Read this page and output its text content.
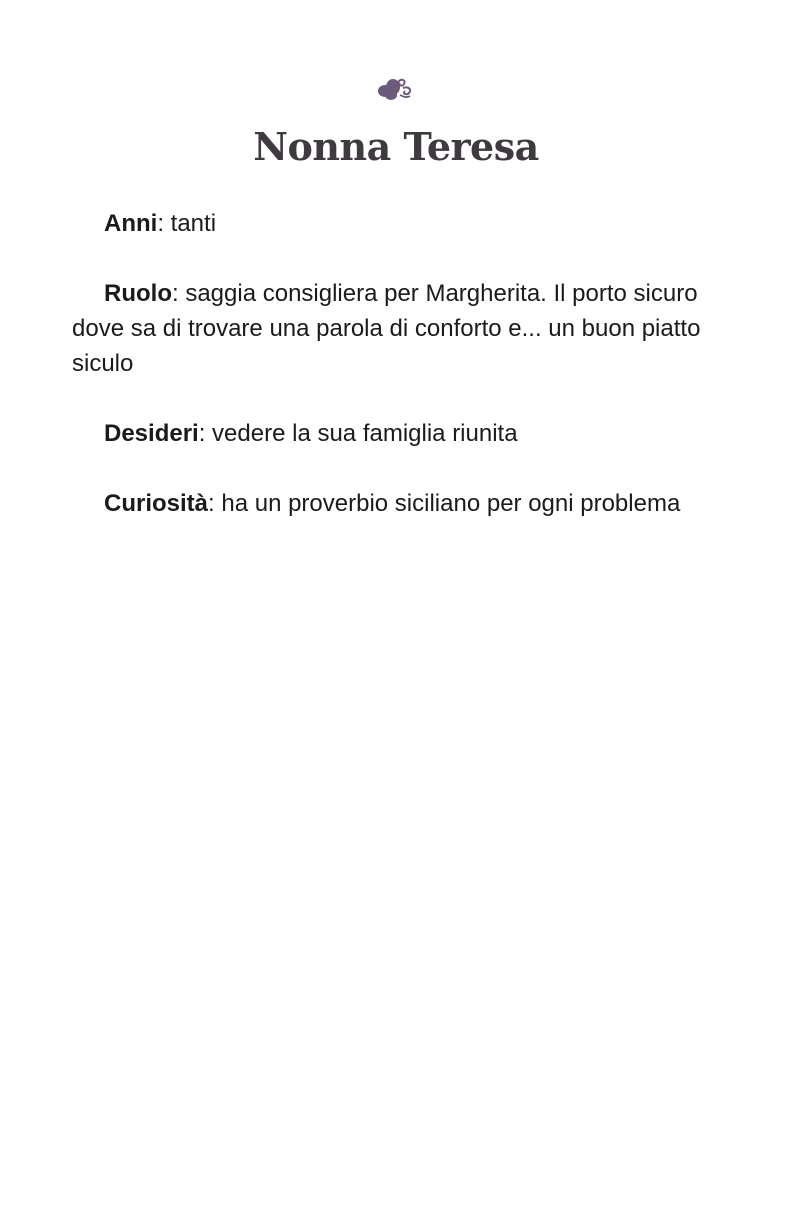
Nonna Teresa

Anni: tanti

Ruolo: saggia consigliera per Margherita. Il porto sicuro dove sa di trovare una parola di conforto e... un buon piatto siculo

Desideri: vedere la sua famiglia riunita

Curiosità: ha un proverbio siciliano per ogni problema
